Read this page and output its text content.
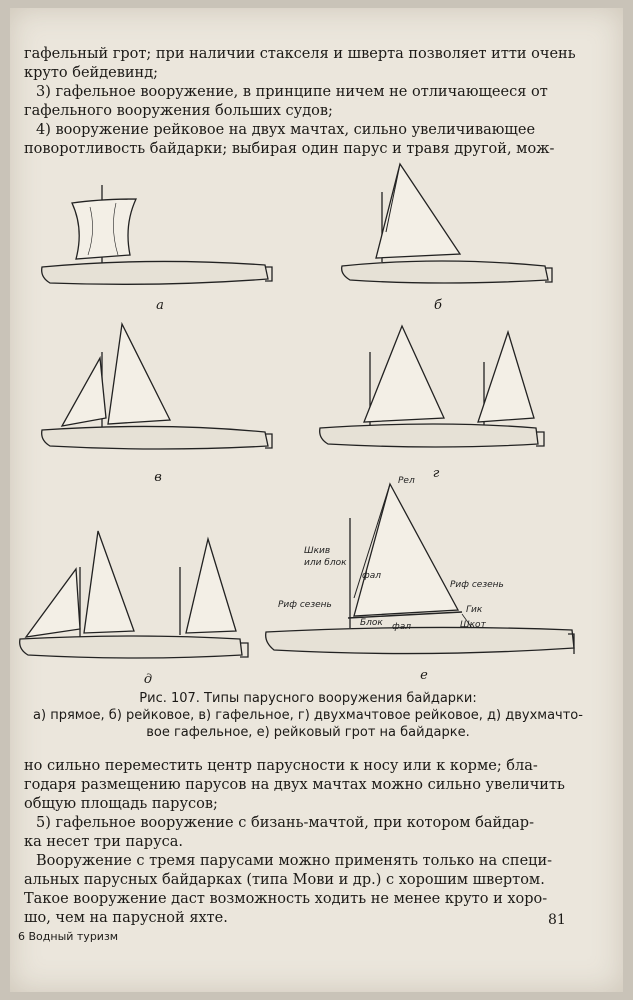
гафельный грот; при наличии стакселя и шверта позволяет итти очень
круто бейдевинд;
3) гафельное вооружение, в принципе ничем не отличающееся от
гафельного вооружения больших судов;
4) вооружение рейковое на двух мачтах, сильно увеличивающее
поворотливость байдарки; выбирая один парус и травя другой, мож-
а	б
в	г
д
Рел
Шкив
или блок
фал
Риф сезень
Риф сезень	Гик
Блок фал	Шкот
е
Рис. 107. Типы парусного вооружения байдарки:
а) прямое, б) рейковое, в) гафельное, г) двухмачтовое рейковое, д) двухмачто-
вое гафельное, е) рейковый грот на байдарке.
но сильно переместить центр парусности к носу или к корме; бла-
годаря размещению парусов на двух мачтах можно сильно увеличить
общую площадь парусов;
5) гафельное вооружение с бизань-мачтой, при котором байдар-
ка несет три паруса.
Вооружение с тремя парусами можно применять только на специ-
альных парусных байдарках (типа Мови и др.) с хорошим швертом.
Такое вооружение даст возможность ходить не менее круто и хоро-
шо, чем на парусной яхте.	81
6 Водный туризм
